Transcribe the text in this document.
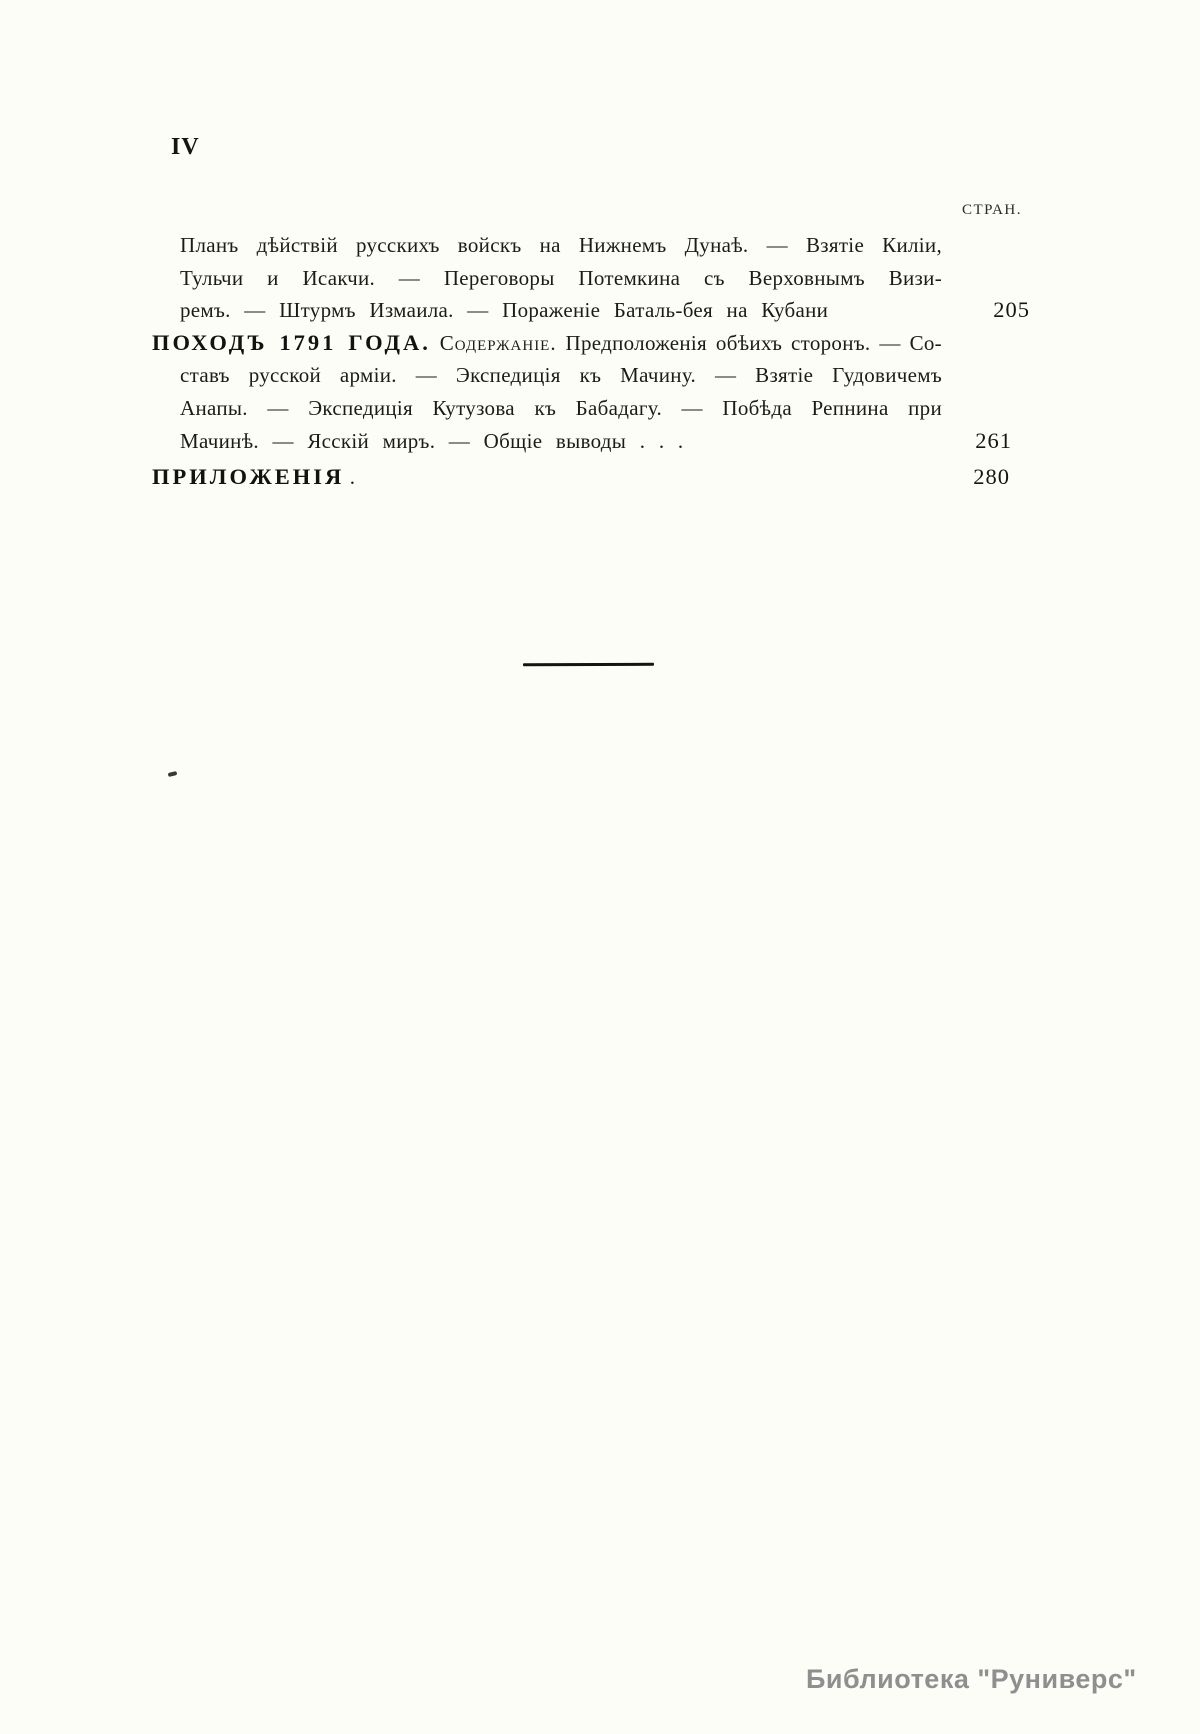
IV
СТРАН.
Планъ дѣйствій русскихъ войскъ на Нижнемъ Дунаѣ. — Взятіе Киліи,
Тульчи и Исакчи. — Переговоры Потемкина съ Верховнымъ Визи-
ремъ. — Штурмъ Измаила. — Пораженіе Баталь-бея на Кубани	205
ПОХОДЪ 1791 ГОДА. Содержаніе. Предположенія обѣихъ сторонъ. — Со-
ставъ русской арміи. — Экспедиція къ Мачину. — Взятіе Гудовичемъ
Анапы. — Экспедиція Кутузова къ Бабадагу. — Побѣда Репнина при
Мачинѣ. — Ясскій миръ. — Общіе выводы . . .	261
ПРИЛОЖЕНІЯ .	280
Библиотека "Руниверс"
